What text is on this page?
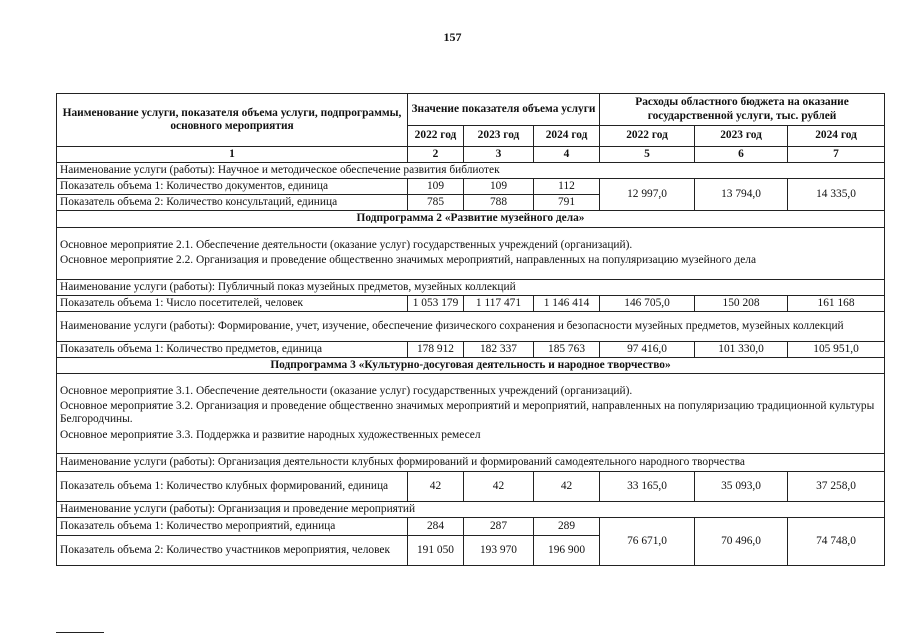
157
Наименование услуги, показателя объема услуги, подпрограммы, основного мероприятия	Значение показателя объема услуги			Расходы областного бюджета на оказание государственной услуги, тыс. рублей		
	2022 год	2023 год	2024 год	2022 год	2023 год	2024 год
1	2	3	4	5	6	7
Наименование услуги (работы): Научное и методическое обеспечение развития библиотек						
Показатель объема 1: Количество документов, единица	109	109	112	12 997,0	13 794,0	14 335,0
Показатель объема 2: Количество консультаций, единица	785	788	791			
Подпрограмма 2 «Развитие музейного дела»						

Основное мероприятие 2.1. Обеспечение деятельности (оказание услуг) государственных учреждений (организаций).
Основное мероприятие 2.2. Организация и проведение общественно значимых мероприятий, направленных на популяризацию музейного дела						

Наименование услуги (работы): Публичный показ музейных предметов, музейных коллекций						
Показатель объема 1: Число посетителей, человек	1 053 179	1 117 471	1 146 414	146 705,0	150 208	161 168
Наименование услуги (работы): Формирование, учет, изучение, обеспечение физического сохранения и безопасности музейных предметов, музейных коллекций						
Показатель объема 1: Количество предметов, единица	178 912	182 337	185 763	97 416,0	101 330,0	105 951,0
Подпрограмма 3 «Культурно-досуговая деятельность и народное творчество»						

Основное мероприятие 3.1. Обеспечение деятельности (оказание услуг) государственных учреждений (организаций).
Основное мероприятие 3.2. Организация и проведение общественно значимых мероприятий и мероприятий, направленных на популяризацию традиционной культуры Белгородчины.
Основное мероприятие 3.3. Поддержка и развитие народных художественных ремесел						

Наименование услуги (работы): Организация деятельности клубных формирований и формирований самодеятельного народного творчества						
Показатель объема 1: Количество клубных формирований, единица	42	42	42	33 165,0	35 093,0	37 258,0
Наименование услуги (работы): Организация и проведение мероприятий						
Показатель объема 1: Количество мероприятий, единица	284	287	289	76 671,0	70 496,0	74 748,0
Показатель объема 2: Количество участников мероприятия, человек	191 050	193 970	196 900			
